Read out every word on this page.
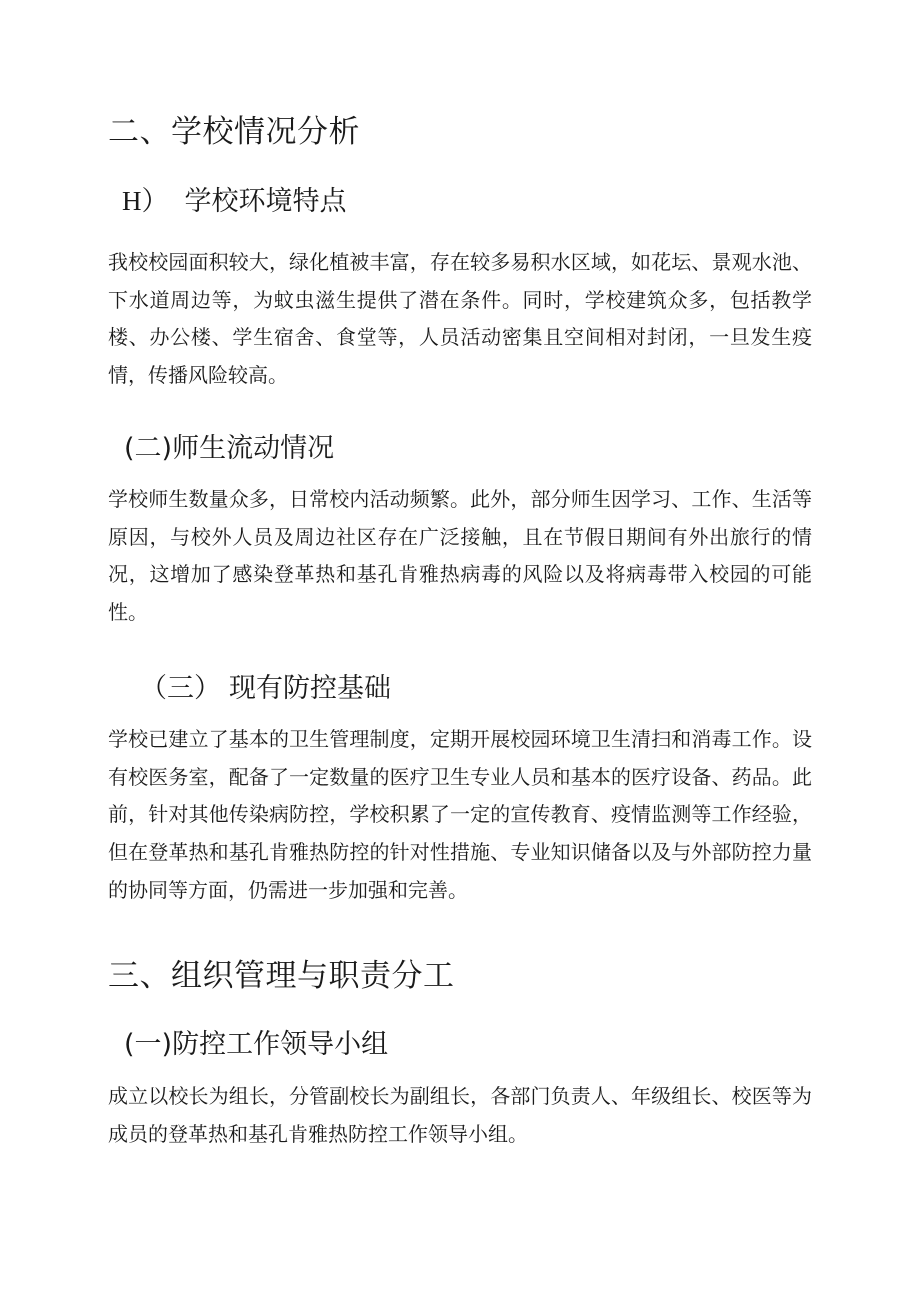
二、学校情况分析
H） 学校环境特点

我校校园面积较大，绿化植被丰富，存在较多易积水区域，如花坛、景观水池、下水道周边等，为蚊虫滋生提供了潜在条件。同时，学校建筑众多，包括教学楼、办公楼、学生宿舍、食堂等，人员活动密集且空间相对封闭，一旦发生疫情，传播风险较高。

(二)师生流动情况

学校师生数量众多，日常校内活动频繁。此外，部分师生因学习、工作、生活等原因，与校外人员及周边社区存在广泛接触，且在节假日期间有外出旅行的情况，这增加了感染登革热和基孔肯雅热病毒的风险以及将病毒带入校园的可能性。

（三） 现有防控基础

学校已建立了基本的卫生管理制度，定期开展校园环境卫生清扫和消毒工作。设有校医务室，配备了一定数量的医疗卫生专业人员和基本的医疗设备、药品。此前，针对其他传染病防控，学校积累了一定的宣传教育、疫情监测等工作经验，但在登革热和基孔肯雅热防控的针对性措施、专业知识储备以及与外部防控力量的协同等方面，仍需进一步加强和完善。

三、组织管理与职责分工
(一)防控工作领导小组

成立以校长为组长，分管副校长为副组长，各部门负责人、年级组长、校医等为成员的登革热和基孔肯雅热防控工作领导小组。
